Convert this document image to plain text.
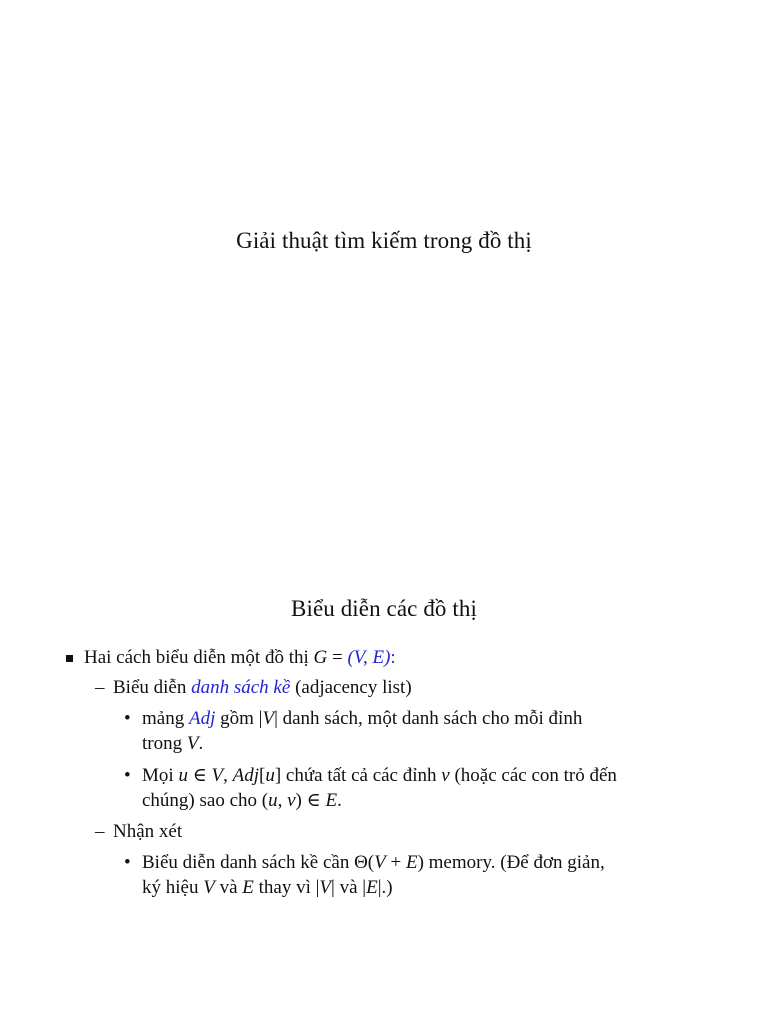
Giải thuật tìm kiếm trong đồ thị
Biểu diễn các đồ thị
Hai cách biểu diễn một đồ thị G = (V, E):
– Biểu diễn danh sách kề (adjacency list)
• mảng Adj gồm |V| danh sách, một danh sách cho mỗi đỉnh
trong V.
• Mọi u ∈ V, Adj[u] chứa tất cả các đỉnh v (hoặc các con trỏ đến
chúng) sao cho (u, v) ∈ E.
– Nhận xét
• Biểu diễn danh sách kề cần Θ(V + E) memory. (Để đơn giản,
ký hiệu V và E thay vì |V| và |E|.)
